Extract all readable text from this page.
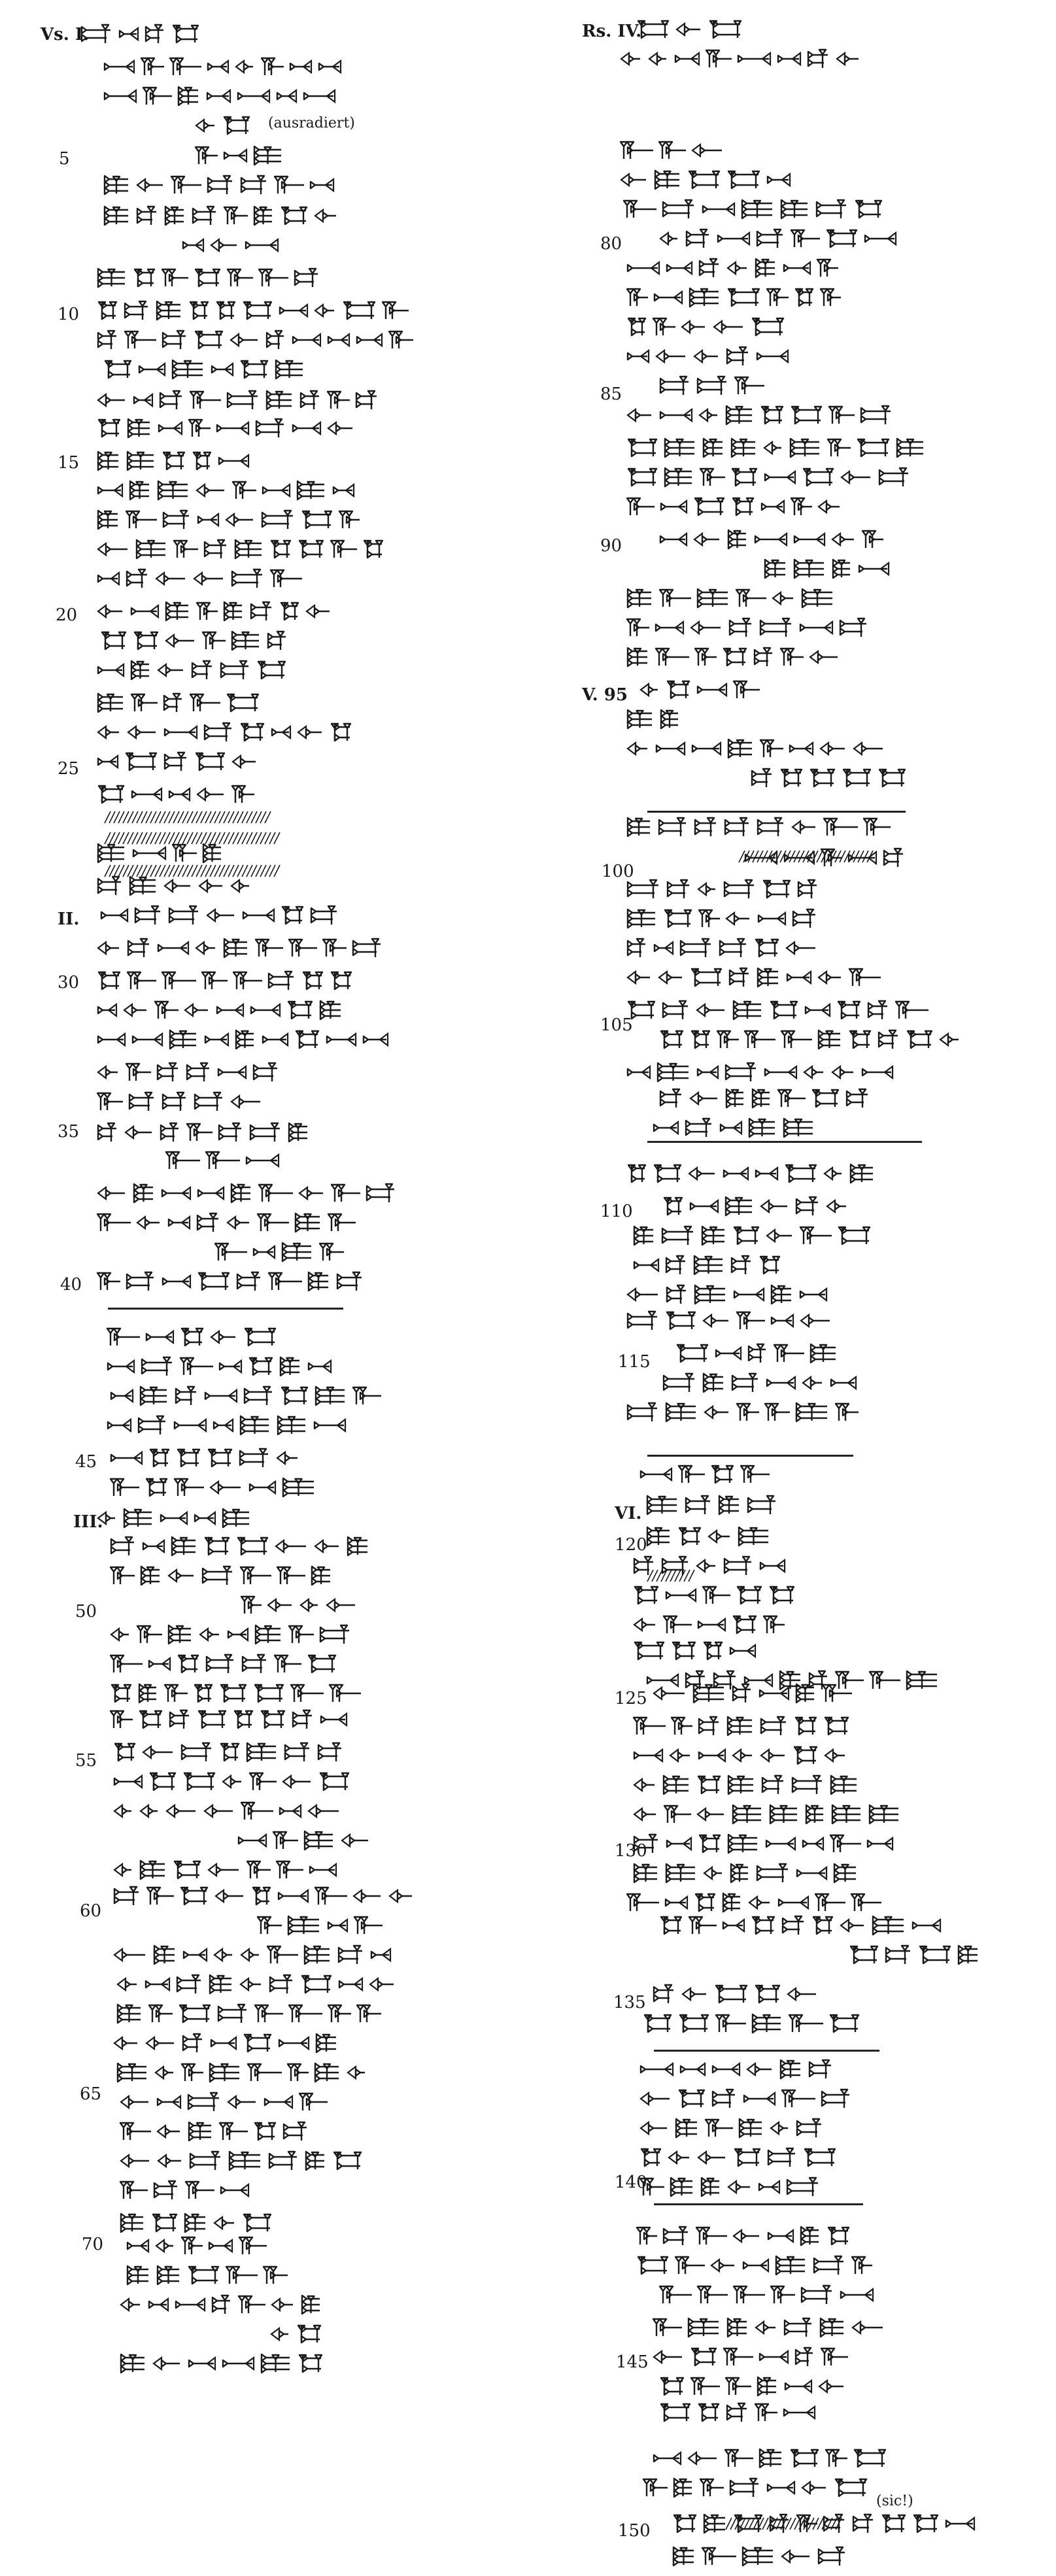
Vs. I.
5
10
15
20
25
II.
30
35
40
45
III.
50
55
60
65
70
Rs. IV.
80
85
90
V. 95
100
105
110
115
VI.
120
125
130
135
140
145
150
(ausradiert)
(sic!)
